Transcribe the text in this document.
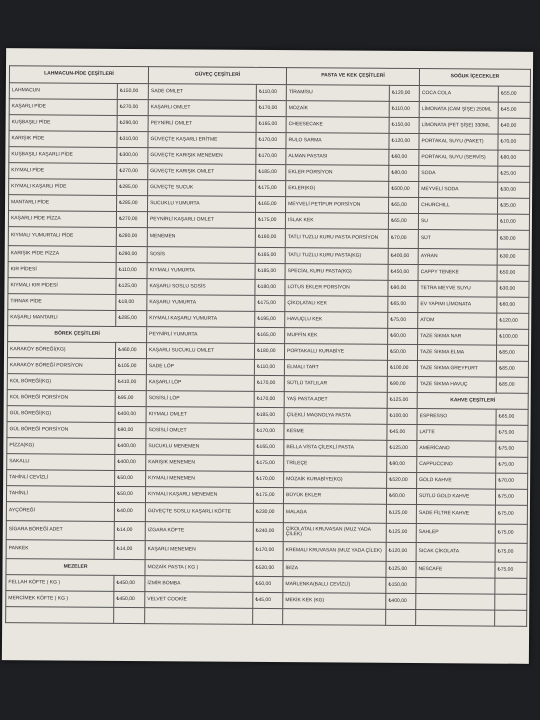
LAHMACUN-PİDE ÇEŞİTLERİ		GÜVEÇ ÇEŞİTLERİ		PASTA VE KEK ÇEŞİTLERİ		SOĞUK İÇECEKLER	
LAHMACUN	₺150,00	SADE OMLET	₺110,00	TİRAMİSU	₺120,00	COCA COLA	₺55,00
KAŞARLI PİDE	₺270,00	KAŞARLI OMLET	₺170,00	MOZAİK	₺110,00	LİMONATA (CAM ŞİŞE) 250ML	₺45,00
KUŞBAŞILI PİDE	₺290,00	PEYNİRLİ OMLET	₺165,00	CHEESECAKE	₺150,00	LİMONATA (PET ŞİŞE) 330ML	₺40,00
KARIŞIK PİDE	₺310,00	GÜVEÇTE KAŞARLI ERİTME	₺170,00	RULO SARMA	₺120,00	PORTAKAL SUYU (PAKET)	₺70,00
KUŞBAŞILI KAŞARLI PİDE	₺300,00	GÜVEÇTE KARIŞIK MENEMEN	₺170,00	ALMAN PASTASI	₺60,00	PORTAKAL SUYU (SERVİS)	₺80,00
KIYMALI PİDE	₺270,00	GÜVEÇTE KARIŞIK OMLET	₺185,00	EKLER PORSİYON	₺80,00	SODA	₺25,00
KIYMALI KAŞARLI PİDE	₺285,00	GÜVEÇTE SUCUK	₺175,00	EKLER(KG)	₺500,00	MEYVELİ SODA	₺30,00
MANTARLI PİDE	₺285,00	SUCUKLU YUMURTA	₺165,00	MEYVELİ PETİFUR PORSİYON	₺65,00	CHURCHILL	₺35,00
KAŞARLI PİDE PİZZA	₺270,00	PEYNİRLİ KAŞARLI OMLET	₺175,00	ISLAK KEK	₺65,00	SU	₺10,00
KIYMALI YUMURTALI PİDE	₺280,00	MENEMEN	₺160,00	TATLI TUZLU KURU PASTA PORSİYON	₺70,00	SÜT	₺30,00
KARIŞIK PİDE PİZZA	₺290,00	SOSİS	₺165,00	TATLI TUZLU KURU PASTA(KG)	₺400,00	AYRAN	₺30,00
KIR PİDESİ	₺110,00	KIYMALI YUMURTA	₺185,00	SPECİAL KURU PASTA(KG)	₺450,00	CAPPY TENEKE	₺50,00
KIYMALI KIR PİDESİ	₺125,00	KAŞARLI SOSLU SOSİS	₺180,00	LOTUS EKLER PORSİYON	₺90,00	TETRA MEYVE SUYU	₺30,00
TIRNAK PİDE	₺18,00	KAŞARLI YUMURTA	₺175,00	ÇİKOLATALI KEK	₺65,00	EV YAPIMI LİMONATA	₺60,00
KAŞARLI MANTARLI	₺285,00	KIYMALI KAŞARLI YUMURTA	₺195,00	HAVUÇLU KEK	₺75,00	ATOM	₺120,00
BÖREK ÇEŞİTLERİ		PEYNİRLİ YUMURTA	₺165,00	MUFFİN KEK	₺60,00	TAZE SIKMA NAR	₺100,00
KARAKÖY BÖREĞİ(KG)	₺460,00	KAŞARLI SUCUKLU OMLET	₺180,00	PORTAKALLI KURABİYE	₺50,00	TAZE SIKMA ELMA	₺85,00
KARAKÖY BÖREĞİ PORSİYON	₺105,00	SADE LÖP	₺110,00	ELMALI TART	₺100,00	TAZE SIKMA GREYFURT	₺85,00
KOL BÖREĞİ(KG)	₺410,00	KAŞARLI LÖP	₺170,00	SÜTLÜ TATLILAR	₺90,00	TAZE SIKMA HAVUÇ	₺85,00
KOL BÖREĞİ PORSİYON	₺95,00	SOSİSLİ LÖP	₺170,00	YAŞ PASTA ADET	₺125,00	KAHVE ÇEŞİTLERİ	
GÜL BÖREĞİ(KG)	₺400,00	KIYMALI OMLET	₺185,00	ÇİLEKLİ MAGNOLYA PASTA	₺100,00	ESPRESSO	₺65,00
GÜL BÖREĞİ PORSİYON	₺90,00	SOSİSLİ OMLET	₺170,00	KESME	₺45,00	LATTE	₺75,00
PİZZA(KG)	₺400,00	SUCUKLU MENEMEN	₺165,00	BELLA VİSTA ÇİLEKLİ PASTA	₺125,00	AMERİCANO	₺75,00
SAKALLI	₺400,00	KARIŞIK MENEMEN	₺175,00	TRİLEÇE	₺90,00	CAPPUCCINO	₺75,00
TAHİNLİ CEVİZLİ	₺50,00	KIYMALI MENEMEN	₺170,00	MOZAİK KURABİYE(KG)	₺520,00	GOLD KAHVE	₺70,00
TAHİNLİ	₺50,00	KIYMALI KAŞARLI MENEMEN	₺175,00	BÜYÜK EKLER	₺60,00	SÜTLÜ GOLD KAHVE	₺75,00
AYÇÖREĞİ	₺40,00	GÜVEÇTE SOSLU KAŞARLI KÖFTE	₺230,00	MALAGA	₺125,00	SADE FİLTRE KAHVE	₺75,00
SİGARA BÖREĞİ ADET	₺14,00	IZGARA KÖFTE	₺240,00	ÇİKOLATALI KRUVASAN (MUZ YADA ÇİLEK)	₺125,00	SAHLEP	₺75,00
PANKEK	₺14,00	KAŞARLI MENEMEN	₺170,00	KREMALI KRUVASAN (MUZ YADA ÇİLEK)	₺120,00	SICAK ÇİKOLATA	₺75,00
MEZELER		MOZAİK PASTA ( KG )	₺520,00	İBİZA	₺125,00	NESCAFE	₺75,00
FELLAH KÖFTE ( KG )	₺450,00	İZMİR BOMBA	₺50,00	MARLENKA(BALLI CEVİZLİ)	₺150,00		
MERCİMEK KÖFTE ( KG )	₺450,00	VELVET COOKİE	₺45,00	MEKİK KEK (KG)	₺400,00		
